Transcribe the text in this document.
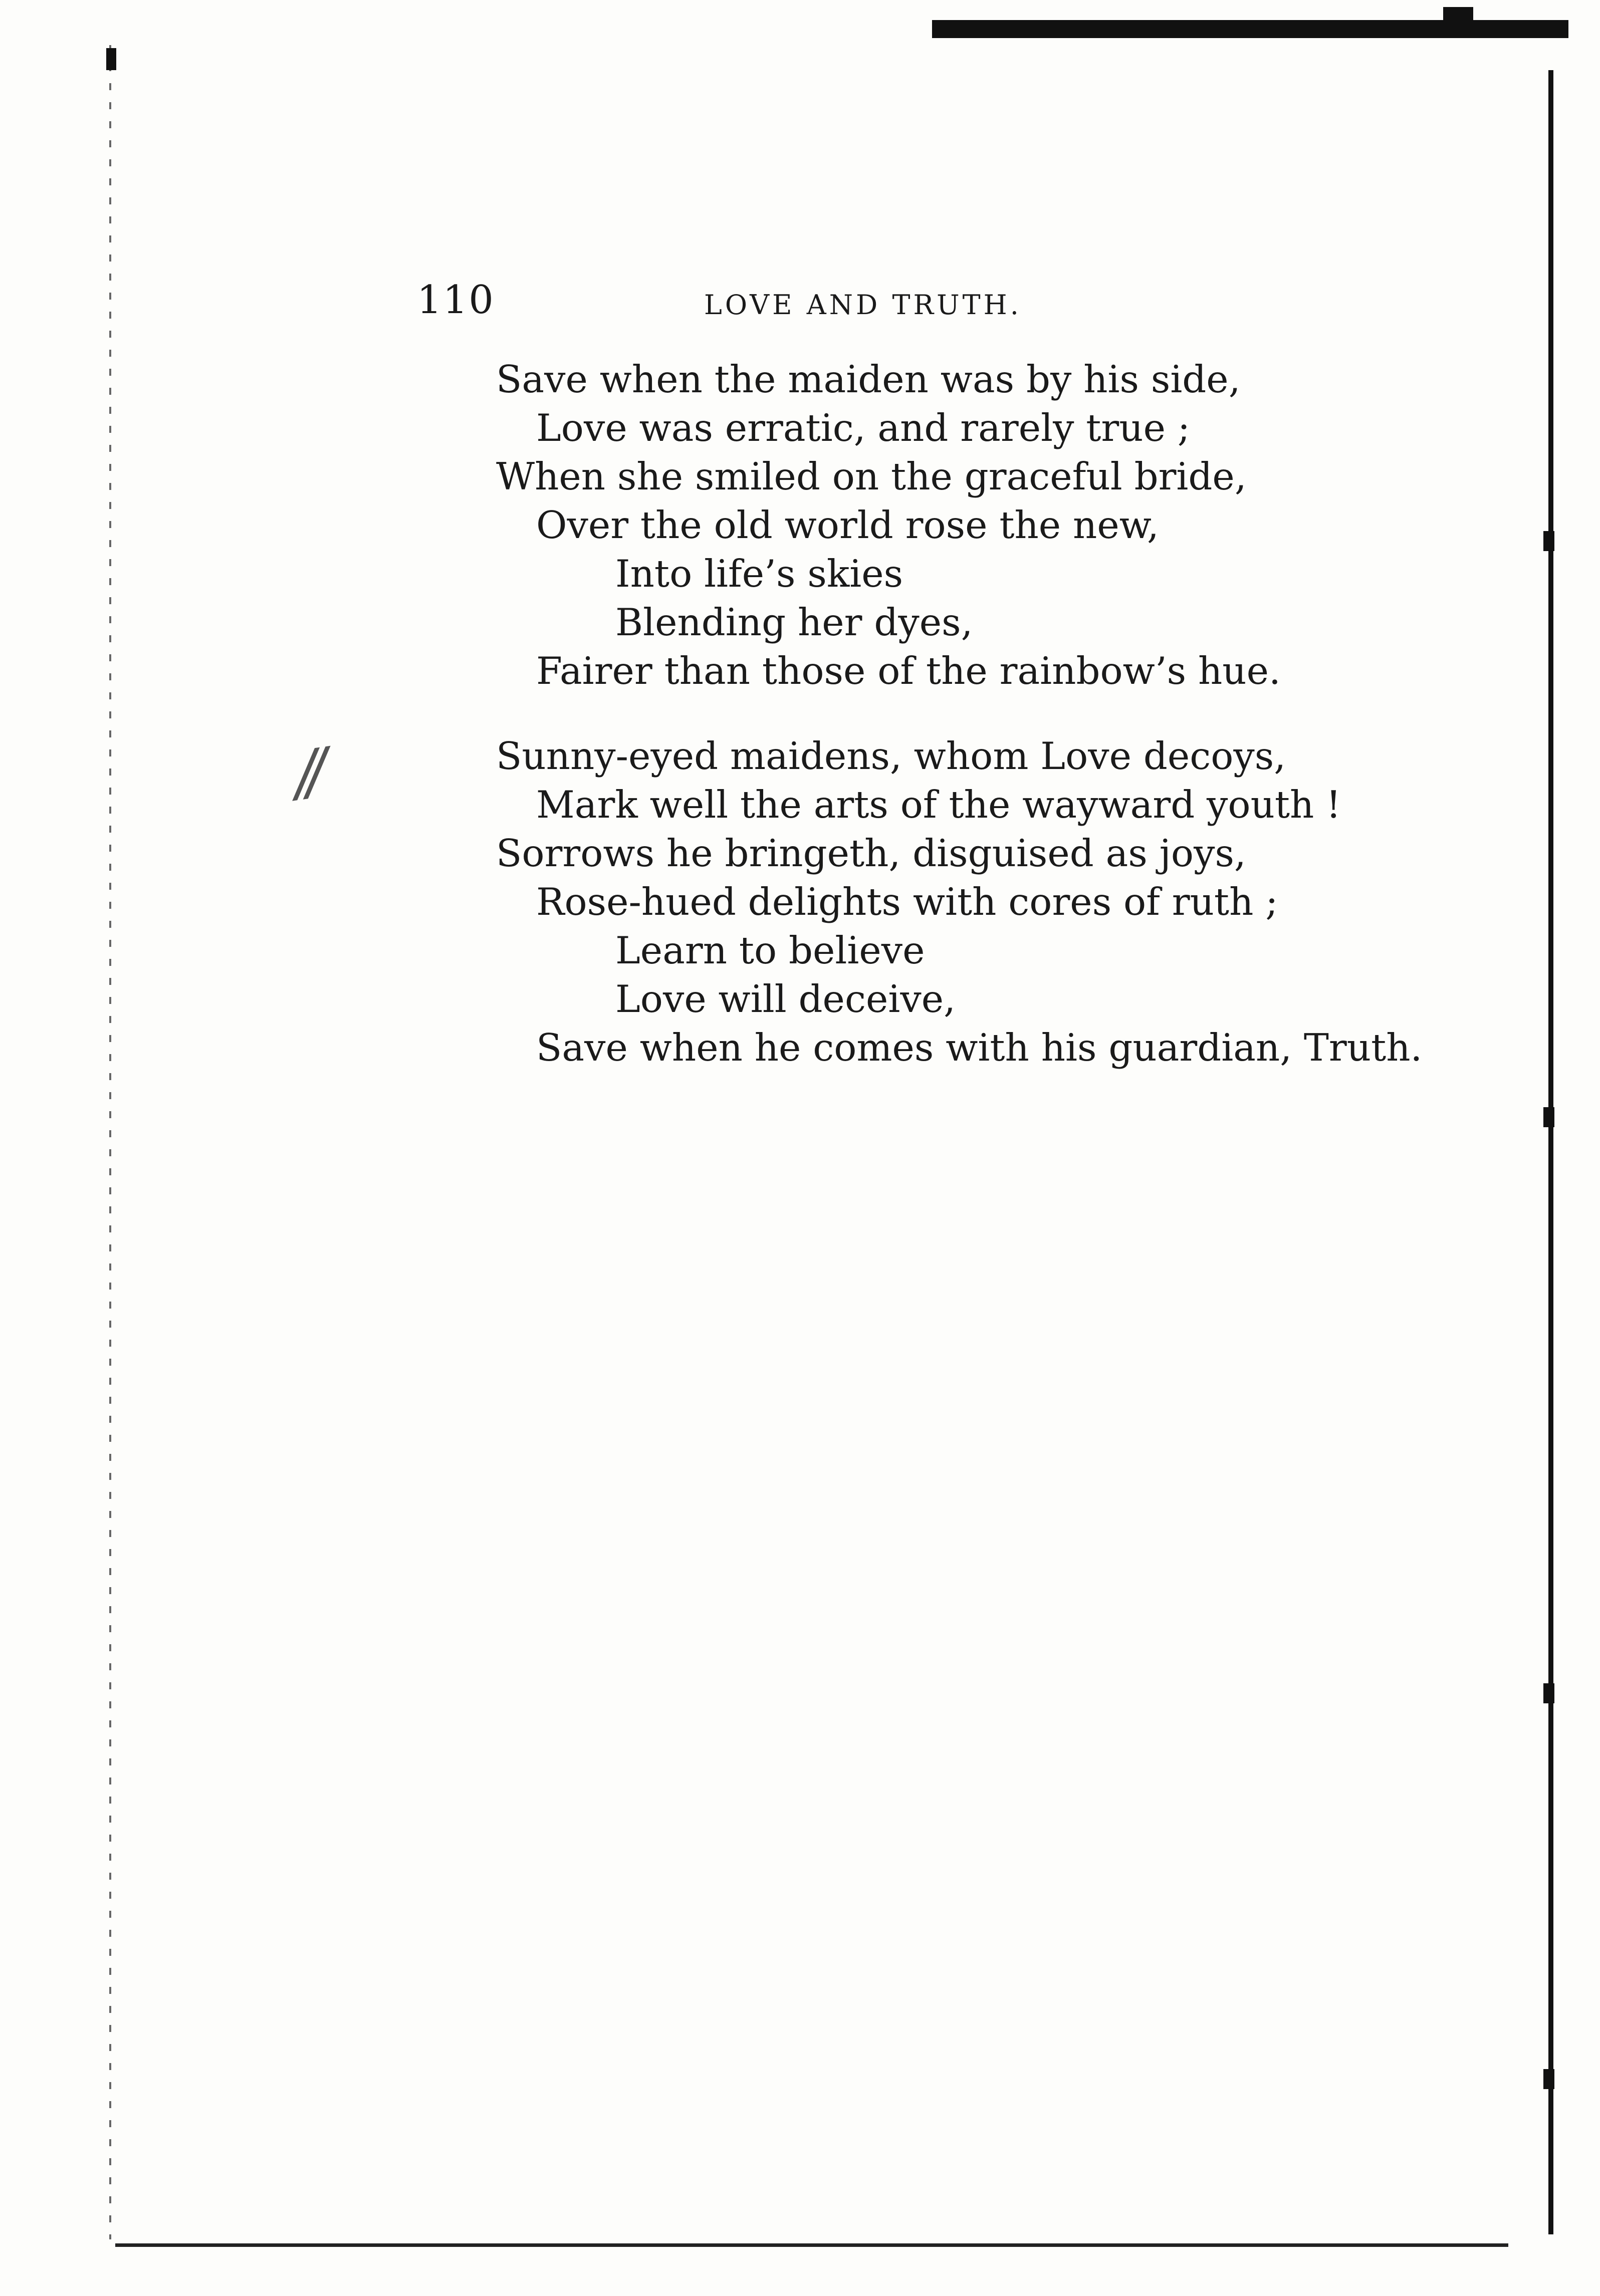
⁄⁄
110	LOVE AND TRUTH.
Save when the maiden was by his side,
Love was erratic, and rarely true ;
When she smiled on the graceful bride,
Over the old world rose the new,
Into life’s skies
Blending her dyes,
Fairer than those of the rainbow’s hue.
Sunny-eyed maidens, whom Love decoys,
Mark well the arts of the wayward youth !
Sorrows he bringeth, disguised as joys,
Rose-hued delights with cores of ruth ;
Learn to believe
Love will deceive,
Save when he comes with his guardian, Truth.
